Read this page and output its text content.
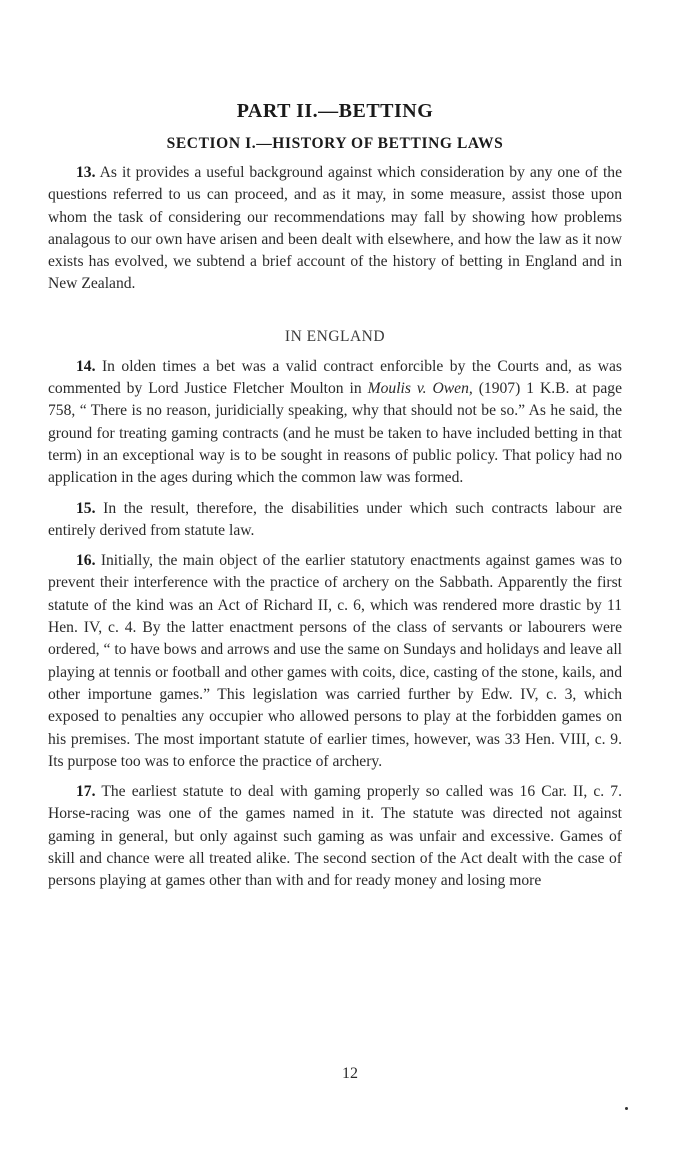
PART II.—BETTING
SECTION I.—HISTORY OF BETTING LAWS

13. As it provides a useful background against which consideration by any one of the questions referred to us can proceed, and as it may, in some measure, assist those upon whom the task of considering our recommendations may fall by showing how problems analagous to our own have arisen and been dealt with elsewhere, and how the law as it now exists has evolved, we subtend a brief account of the history of betting in England and in New Zealand.

IN ENGLAND

14. In olden times a bet was a valid contract enforcible by the Courts and, as was commented by Lord Justice Fletcher Moulton in Moulis v. Owen, (1907) 1 K.B. at page 758, “ There is no reason, juridicially speaking, why that should not be so.” As he said, the ground for treating gaming contracts (and he must be taken to have included betting in that term) in an exceptional way is to be sought in reasons of public policy. That policy had no application in the ages during which the common law was formed.

15. In the result, therefore, the disabilities under which such contracts labour are entirely derived from statute law.

16. Initially, the main object of the earlier statutory enactments against games was to prevent their interference with the practice of archery on the Sabbath. Apparently the first statute of the kind was an Act of Richard II, c. 6, which was rendered more drastic by 11 Hen. IV, c. 4. By the latter enactment persons of the class of servants or labourers were ordered, “ to have bows and arrows and use the same on Sundays and holidays and leave all playing at tennis or football and other games with coits, dice, casting of the stone, kails, and other importune games.” This legislation was carried further by Edw. IV, c. 3, which exposed to penalties any occupier who allowed persons to play at the forbidden games on his premises. The most important statute of earlier times, however, was 33 Hen. VIII, c. 9. Its purpose too was to enforce the practice of archery.

17. The earliest statute to deal with gaming properly so called was 16 Car. II, c. 7. Horse-racing was one of the games named in it. The statute was directed not against gaming in general, but only against such gaming as was unfair and excessive. Games of skill and chance were all treated alike. The second section of the Act dealt with the case of persons playing at games other than with and for ready money and losing more

12
